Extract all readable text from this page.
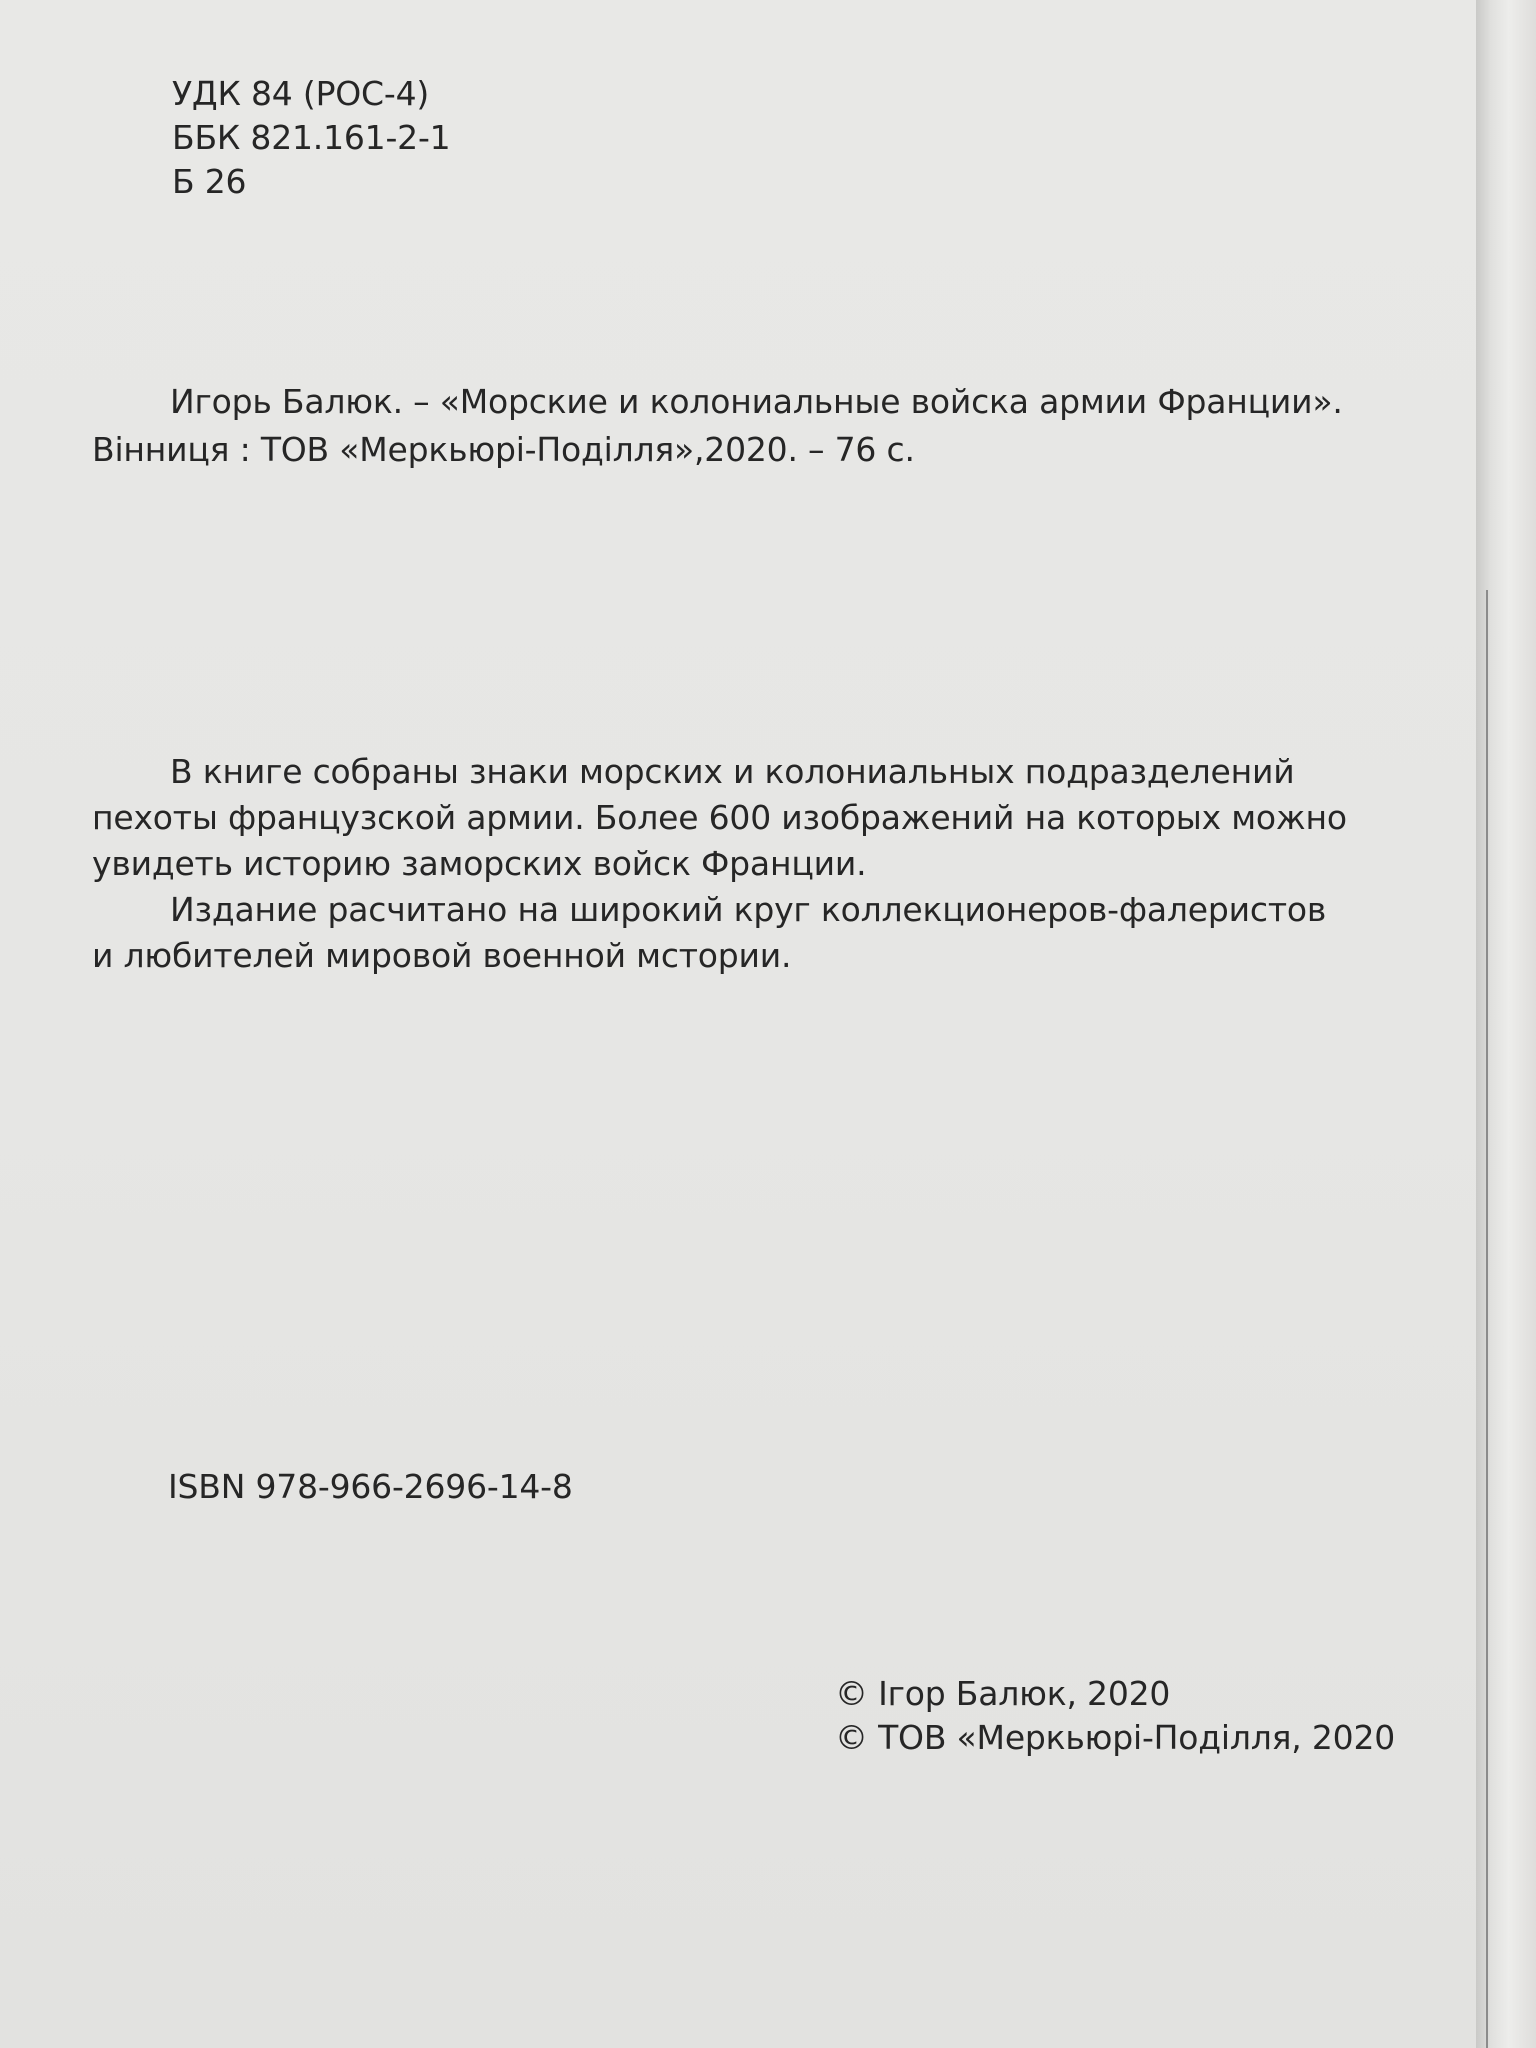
УДК 84 (РОС-4)
ББК 821.161-2-1
Б 26
Игорь Балюк. – «Морские и колониальные войска армии Франции».
Вінниця : ТОВ «Меркьюрі-Поділля»,2020. – 76 с.
В книге собраны знаки морских и колониальных подразделений
пехоты французской армии. Более 600 изображений на которых можно
увидеть историю заморских войск Франции.
Издание расчитано на широкий круг коллекционеров-фалеристов
и любителей мировой военной мстории.
ISBN 978-966-2696-14-8
© Ігор Балюк, 2020
© ТОВ «Меркьюрі-Поділля, 2020
